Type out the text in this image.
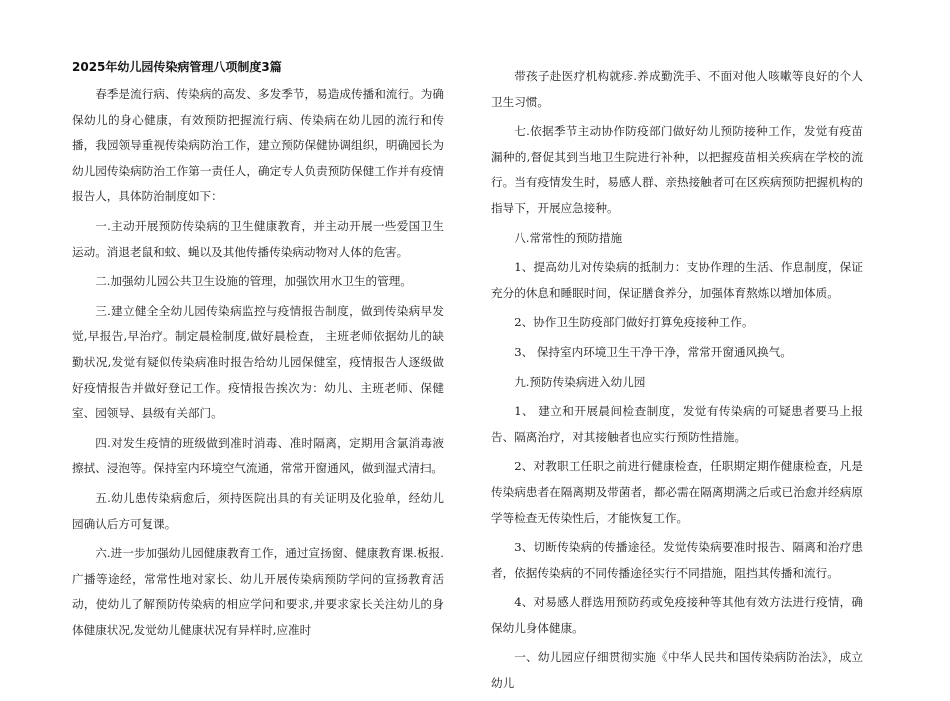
2025年幼儿园传染病管理八项制度3篇

春季是流行病、传染病的高发、多发季节，易造成传播和流行。为确保幼儿的身心健康，有效预防把握流行病、传染病在幼儿园的流行和传播，我园领导重视传染病防治工作，建立预防保健协调组织，明确园长为幼儿园传染病防治工作第一责任人，确定专人负责预防保健工作并有疫情报告人，具体防治制度如下：

一.主动开展预防传染病的卫生健康教育，并主动开展一些爱国卫生运动。消退老鼠和蚊、蝇以及其他传播传染病动物对人体的危害。

二.加强幼儿园公共卫生设施的管理，加强饮用水卫生的管理。

三.建立健全全幼儿园传染病监控与疫情报告制度，做到传染病早发觉,早报告,早治疗。制定晨检制度,做好晨检查， 主班老师依据幼儿的缺勤状况,发觉有疑似传染病准时报告给幼儿园保健室，疫情报告人逐级做好疫情报告并做好登记工作。疫情报告挨次为：幼儿、主班老师、保健室、园领导、县级有关部门。

四.对发生疫情的班级做到准时消毒、准时隔离，定期用含氯消毒液擦拭、浸泡等。保持室内环境空气流通，常常开窗通风，做到湿式清扫。

五.幼儿患传染病愈后，须持医院出具的有关证明及化验单，经幼儿园确认后方可复课。

六.进一步加强幼儿园健康教育工作，通过宣扬窗、健康教育课.板报.广播等途经，常常性地对家长、幼儿开展传染病预防学问的宣扬教育活动，使幼儿了解预防传染病的相应学问和要求,并要求家长关注幼儿的身体健康状况,发觉幼儿健康状况有异样时,应准时

带孩子赴医疗机构就疹.养成勤洗手、不面对他人咳嗽等良好的个人卫生习惯。

七.依据季节主动协作防疫部门做好幼儿预防接种工作，发觉有疫苗漏种的,督促其到当地卫生院进行补种，以把握疫苗相关疾病在学校的流行。当有疫情发生时，易感人群、亲热接触者可在区疾病预防把握机构的指导下，开展应急接种。

八.常常性的预防措施

1、提高幼儿对传染病的抵制力：支协作理的生活、作息制度，保证充分的休息和睡眠时间，保证膳食养分，加强体育熬炼以增加体质。

2、协作卫生防疫部门做好打算免疫接种工作。

3、 保持室内环境卫生干净干净，常常开窗通风换气。

九.预防传染病进入幼儿园

1、 建立和开展晨间检查制度，发觉有传染病的可疑患者要马上报告、隔离治疗，对其接触者也应实行预防性措施。

2、对教职工任职之前进行健康检查，任职期定期作健康检查，凡是传染病患者在隔离期及带菌者，都必需在隔离期满之后或已治愈并经病原学等检查无传染性后，才能恢复工作。

3、切断传染病的传播途径。发觉传染病要准时报告、隔离和治疗患者，依据传染病的不同传播途径实行不同措施，阻挡其传播和流行。

4、对易感人群选用预防药或免疫接种等其他有效方法进行疫情，确保幼儿身体健康。

一、幼儿园应仔细贯彻实施《中华人民共和国传染病防治法》，成立幼儿
